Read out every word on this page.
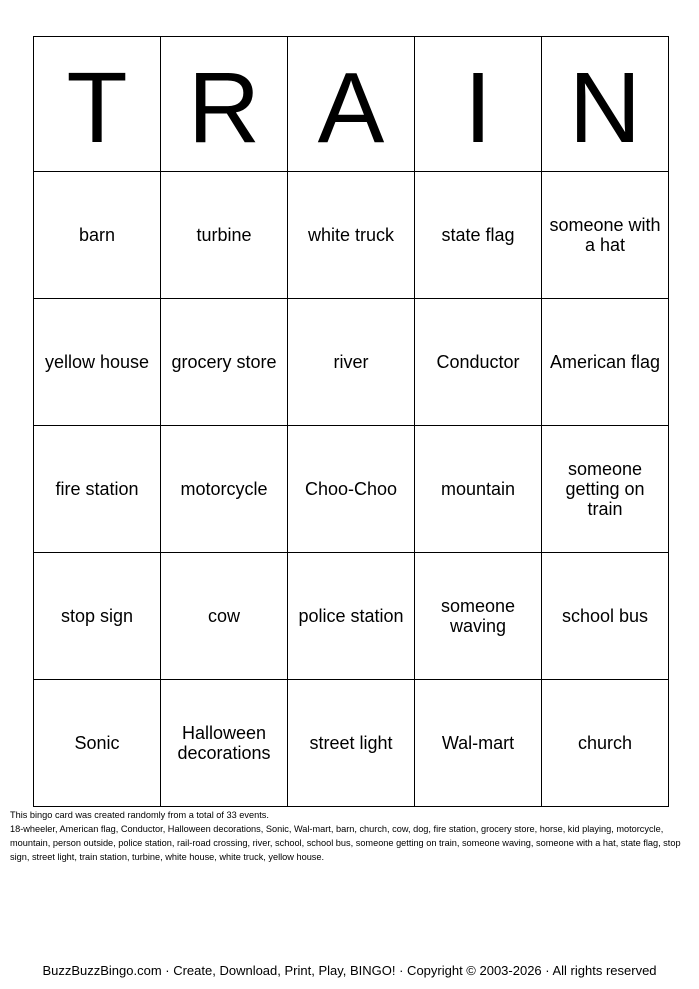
T	R	A	I	N
barn	turbine	white truck	state flag	someone with a hat
yellow house	grocery store	river	Conductor	American flag
fire station	motorcycle	Choo-Choo	mountain	someone getting on train
stop sign	cow	police station	someone waving	school bus
Sonic	Halloween decorations	street light	Wal-mart	church
This bingo card was created randomly from a total of 33 events.
18-wheeler, American flag, Conductor, Halloween decorations, Sonic, Wal-mart, barn, church, cow, dog, fire station, grocery store, horse, kid playing, motorcycle, mountain, person outside, police station, rail-road crossing, river, school, school bus, someone getting on train, someone waving, someone with a hat, state flag, stop sign, street light, train station, turbine, white house, white truck, yellow house.
BuzzBuzzBingo.com · Create, Download, Print, Play, BINGO! · Copyright © 2003-2026 · All rights reserved
